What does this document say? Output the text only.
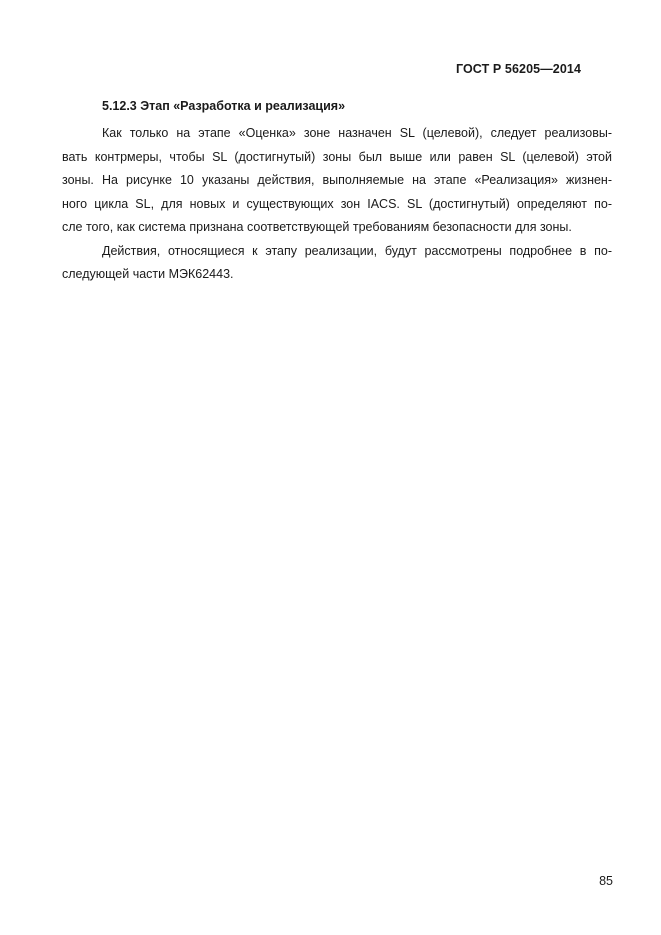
ГОСТ Р 56205—2014
5.12.3 Этап «Разработка и реализация»

Как только на этапе «Оценка» зоне назначен SL (целевой), следует реализовы-
вать контрмеры, чтобы SL (достигнутый) зоны был выше или равен SL (целевой) этой
зоны. На рисунке 10 указаны действия, выполняемые на этапе «Реализация» жизнен-
ного цикла SL, для новых и существующих зон IACS. SL (достигнутый) определяют по-
сле того, как система признана соответствующей требованиям безопасности для зоны.

Действия, относящиеся к этапу реализации, будут рассмотрены подробнее в по-
следующей части МЭК62443.

85
